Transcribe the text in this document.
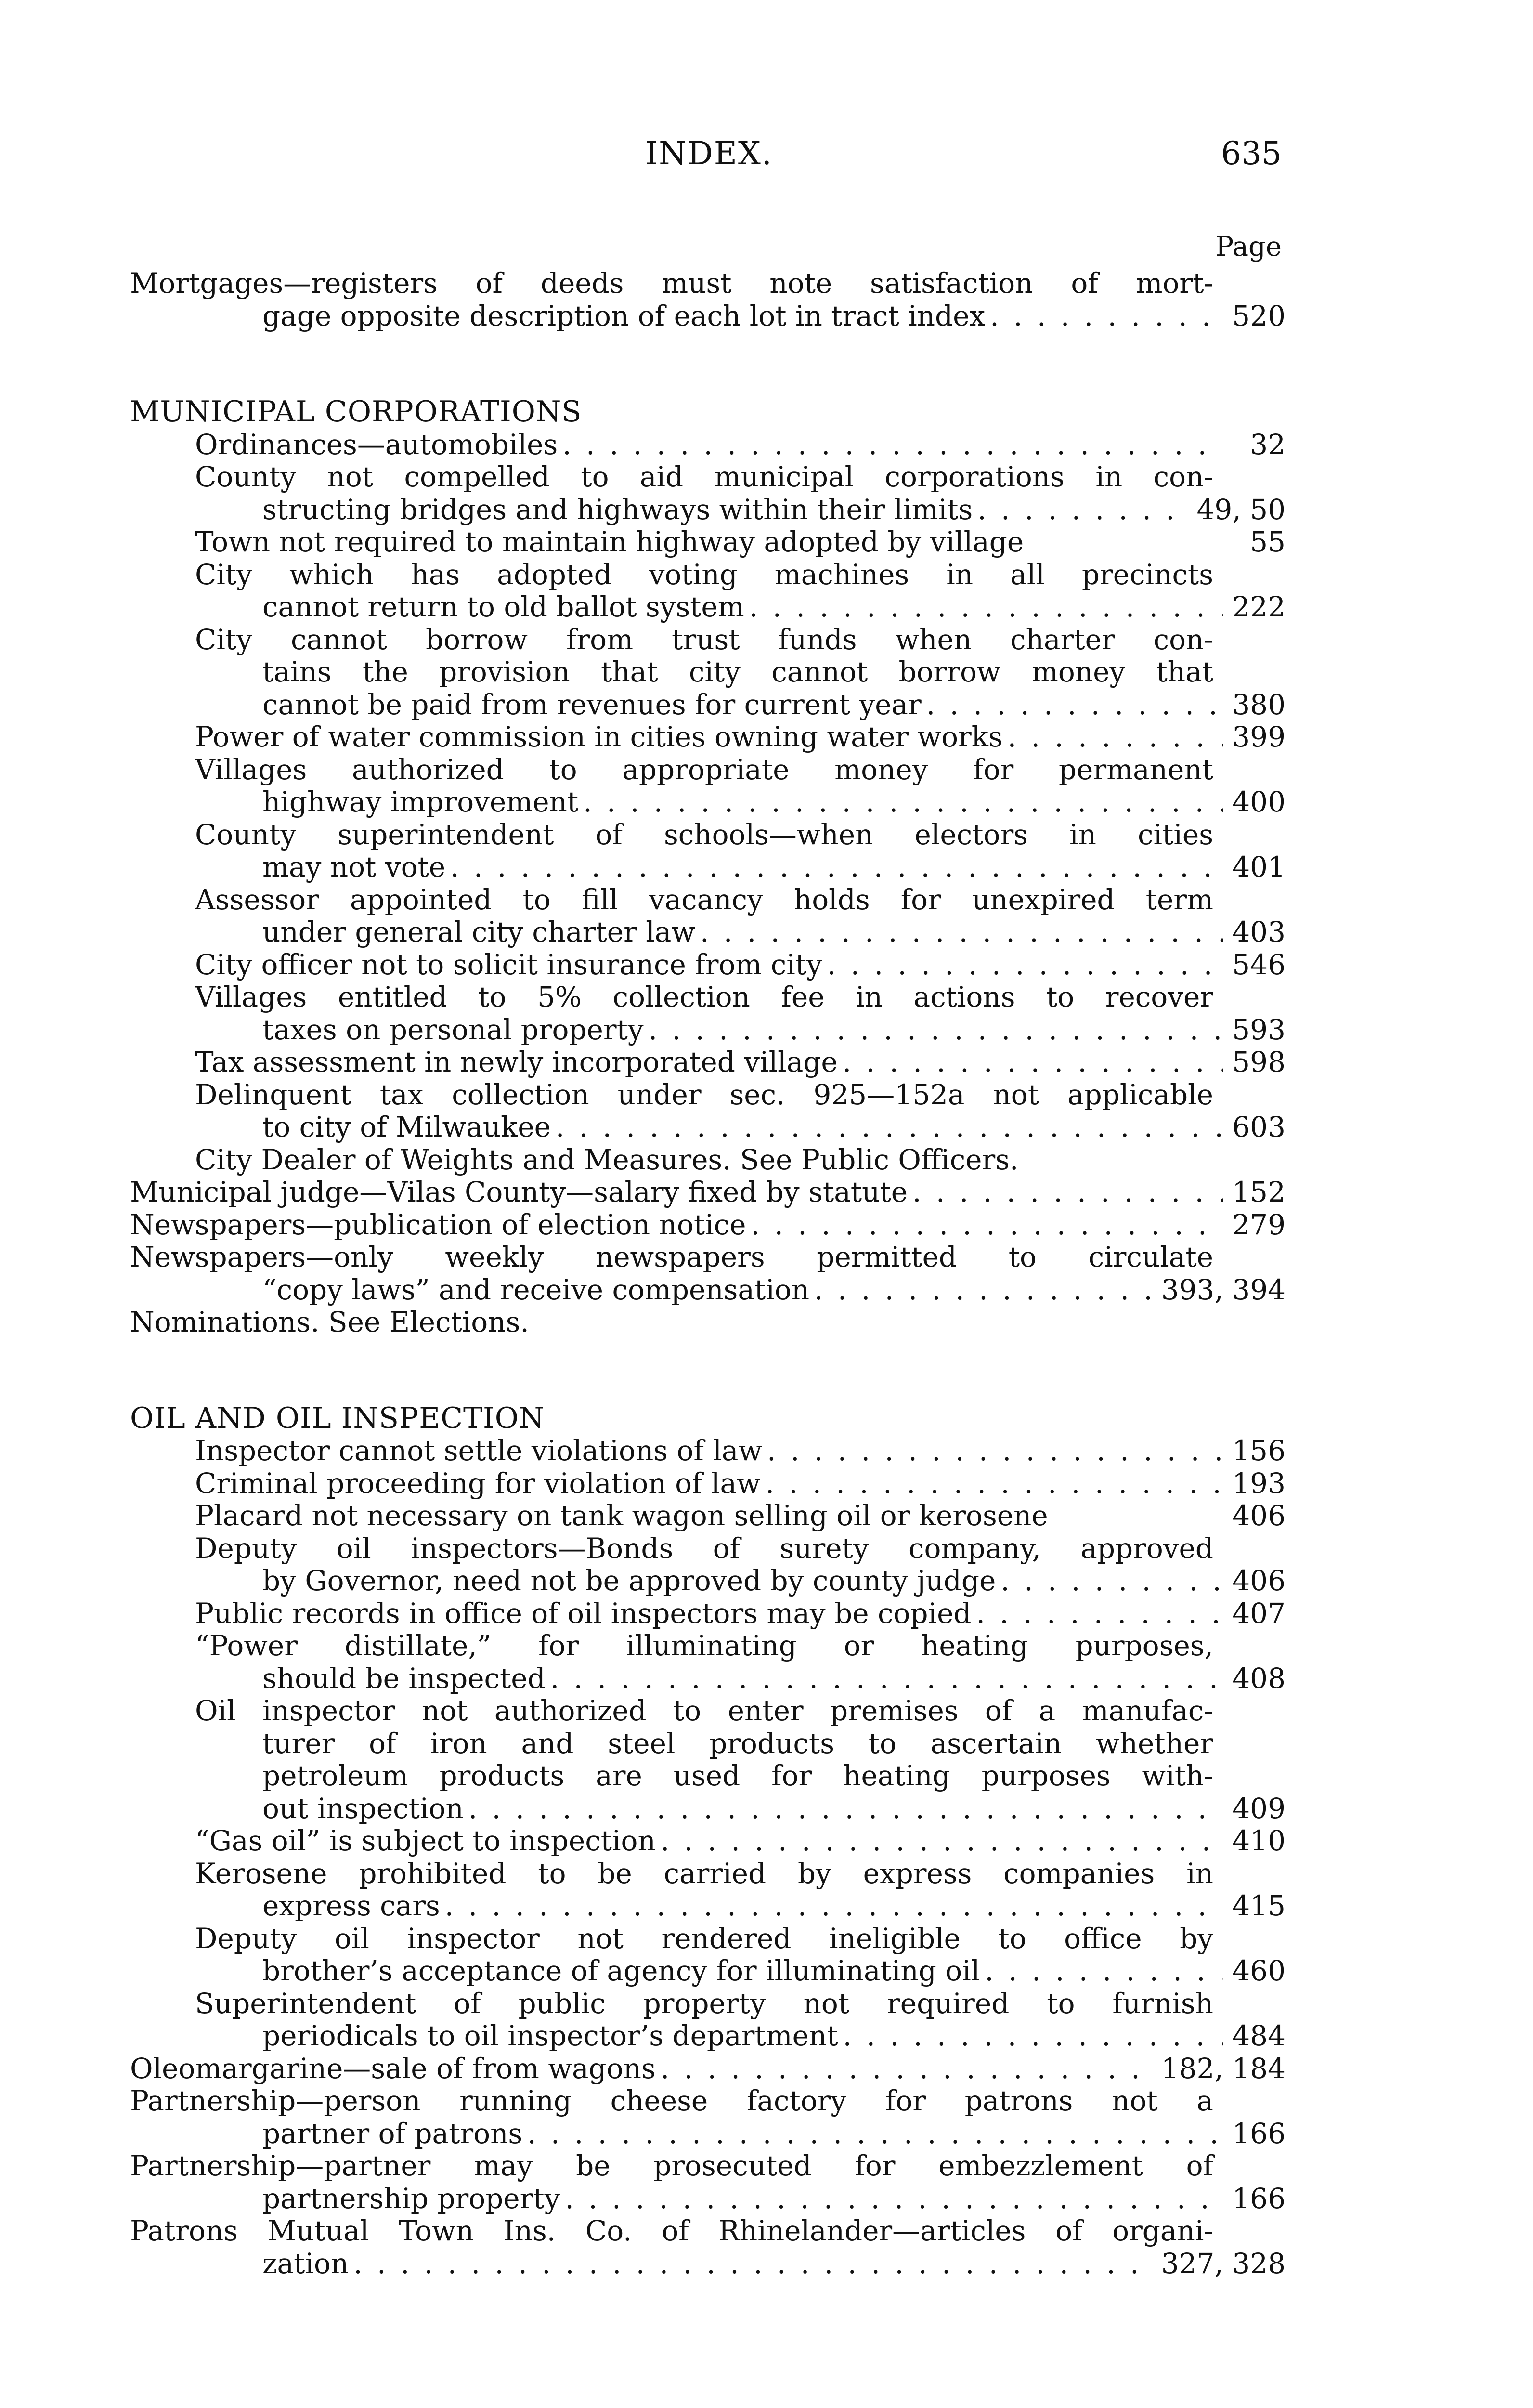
INDEX.	635
Page
Mortgages—registers of deeds must note satisfaction of mort-
gage opposite description of each lot in tract index . . .	520
MUNICIPAL CORPORATIONS
Ordinances—automobiles . . .	32
County not compelled to aid municipal corporations in con-
structing bridges and highways within their limits . . .	49, 50
Town not required to maintain highway adopted by village	55
City which has adopted voting machines in all precincts
cannot return to old ballot system . . .	222
City cannot borrow from trust funds when charter con-
tains the provision that city cannot borrow money that
cannot be paid from revenues for current year . . .	380
Power of water commission in cities owning water works . . .	399
Villages authorized to appropriate money for permanent
highway improvement . . .	400
County superintendent of schools—when electors in cities
may not vote . . .	401
Assessor appointed to fill vacancy holds for unexpired term
under general city charter law . . .	403
City officer not to solicit insurance from city . . .	546
Villages entitled to 5% collection fee in actions to recover
taxes on personal property . . .	593
Tax assessment in newly incorporated village . . .	598
Delinquent tax collection under sec. 925—152a not applicable
to city of Milwaukee . . .	603
City Dealer of Weights and Measures. See Public Officers.
Municipal judge—Vilas County—salary fixed by statute . . .	152
Newspapers—publication of election notice . . .	279
Newspapers—only weekly newspapers permitted to circulate
“copy laws” and receive compensation . . .	393, 394
Nominations. See Elections.
OIL AND OIL INSPECTION
Inspector cannot settle violations of law . . .	156
Criminal proceeding for violation of law . . .	193
Placard not necessary on tank wagon selling oil or kerosene	406
Deputy oil inspectors—Bonds of surety company, approved
by Governor, need not be approved by county judge . . .	406
Public records in office of oil inspectors may be copied . . .	407
“Power distillate,” for illuminating or heating purposes,
should be inspected . . .	408
Oil inspector not authorized to enter premises of a manufac-
turer of iron and steel products to ascertain whether
petroleum products are used for heating purposes with-
out inspection . . .	409
“Gas oil” is subject to inspection . . .	410
Kerosene prohibited to be carried by express companies in
express cars . . .	415
Deputy oil inspector not rendered ineligible to office by
brother’s acceptance of agency for illuminating oil . . .	460
Superintendent of public property not required to furnish
periodicals to oil inspector’s department . . .	484
Oleomargarine—sale of from wagons . . .	182, 184
Partnership—person running cheese factory for patrons not a
partner of patrons . . .	166
Partnership—partner may be prosecuted for embezzlement of
partnership property . . .	166
Patrons Mutual Town Ins. Co. of Rhinelander—articles of organi-
zation . . .	327, 328
